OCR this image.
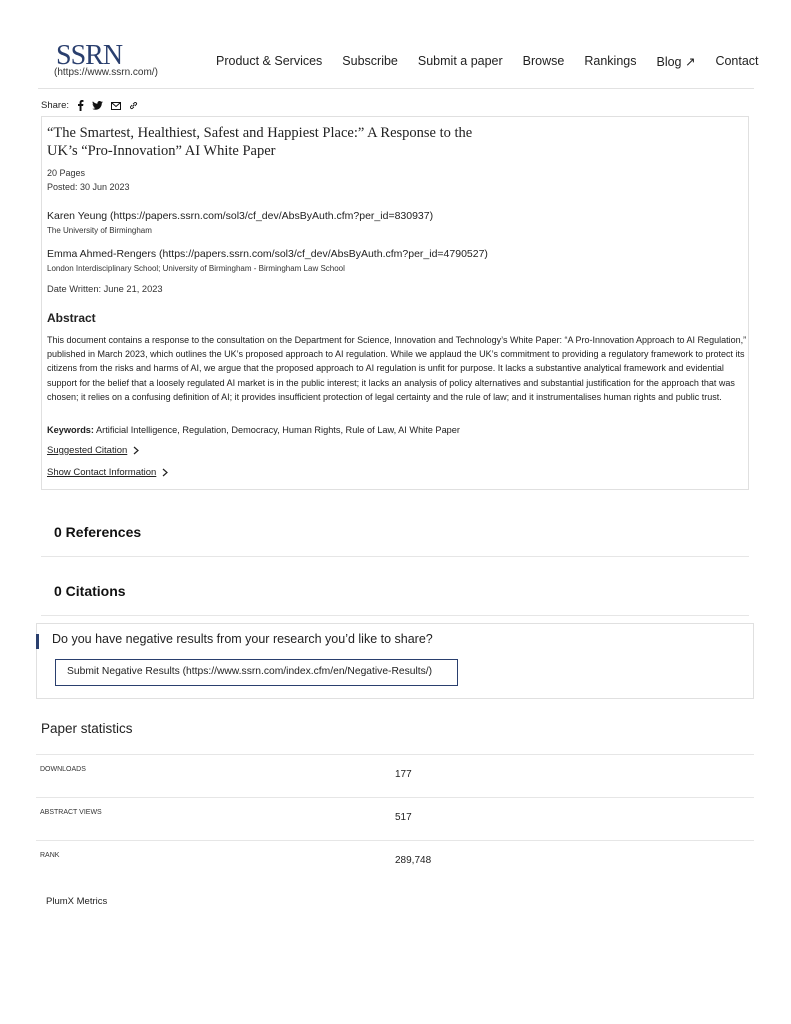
SSRN
(https://www.ssrn.com/)
Product & Services Subscribe Submit a paper Browse Rankings Blog ↗ Contact
Share:
“The Smartest, Healthiest, Safest and Happiest Place:” A Response to the
UK’s “Pro-Innovation” AI White Paper
20 Pages
Posted: 30 Jun 2023
Karen Yeung (https://papers.ssrn.com/sol3/cf_dev/AbsByAuth.cfm?per_id=830937)
The University of Birmingham
Emma Ahmed-Rengers (https://papers.ssrn.com/sol3/cf_dev/AbsByAuth.cfm?per_id=4790527)
London Interdisciplinary School; University of Birmingham - Birmingham Law School
Date Written: June 21, 2023
Abstract
This document contains a response to the consultation on the Department for Science, Innovation and Technology’s White Paper: “A Pro-Innovation Approach to AI Regulation,” published in March 2023, which outlines the UK’s proposed approach to AI regulation. While we applaud the UK’s commitment to providing a regulatory framework to protect its citizens from the risks and harms of AI, we argue that the proposed approach to AI regulation is unfit for purpose. It lacks a substantive analytical framework and evidential support for the belief that a loosely regulated AI market is in the public interest; it lacks an analysis of policy alternatives and substantial justification for the approach that was chosen; it relies on a confusing definition of AI; it provides insufficient protection of legal certainty and the rule of law; and it instrumentalises human rights and public trust.
Keywords: Artificial Intelligence, Regulation, Democracy, Human Rights, Rule of Law, AI White Paper
Suggested Citation
Show Contact Information
0 References
0 Citations
Do you have negative results from your research you’d like to share?
Submit Negative Results (https://www.ssrn.com/index.cfm/en/Negative-Results/)
Paper statistics
DOWNLOADS	177
ABSTRACT VIEWS	517
RANK	289,748
PlumX Metrics
